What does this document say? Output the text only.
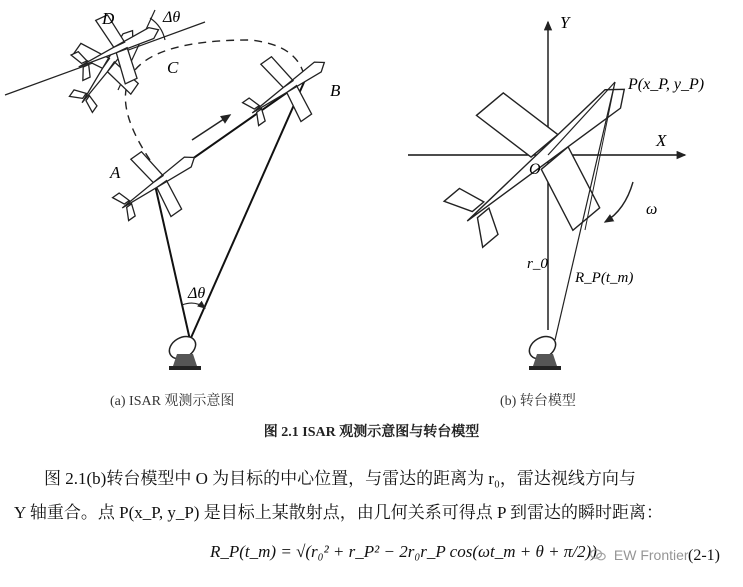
D	Δθ
C
A
B
Δθ
Y
X
O
P(x_P, y_P)
ω
r_0
R_P(t_m)
(a) ISAR 观测示意图	(b) 转台模型
图 2.1 ISAR 观测示意图与转台模型
图 2.1(b)转台模型中 O 为目标的中心位置，与雷达的距离为 r₀，雷达视线方向与
Y 轴重合。点 P(x_P, y_P) 是目标上某散射点，由几何关系可得点 P 到雷达的瞬时距离：
R_P(t_m) = √(r₀² + r_P² − 2r₀r_P cos(ωt_m + θ + π/2))	EW Frontier (2-1)
